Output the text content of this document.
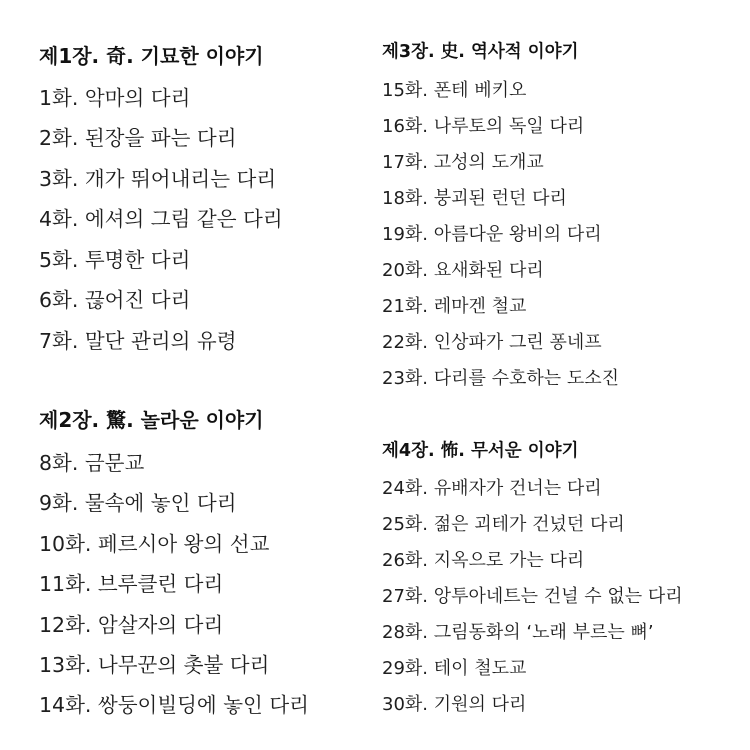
제1장. 奇. 기묘한 이야기
1화. 악마의 다리
2화. 된장을 파는 다리
3화. 개가 뛰어내리는 다리
4화. 에셔의 그림 같은 다리
5화. 투명한 다리
6화. 끊어진 다리
7화. 말단 관리의 유령
제2장. 驚. 놀라운 이야기
8화. 금문교
9화. 물속에 놓인 다리
10화. 페르시아 왕의 선교
11화. 브루클린 다리
12화. 암살자의 다리
13화. 나무꾼의 촛불 다리
14화. 쌍둥이빌딩에 놓인 다리
제3장. 史. 역사적 이야기
15화. 폰테 베키오
16화. 나루토의 독일 다리
17화. 고성의 도개교
18화. 붕괴된 런던 다리
19화. 아름다운 왕비의 다리
20화. 요새화된 다리
21화. 레마겐 철교
22화. 인상파가 그린 퐁네프
23화. 다리를 수호하는 도소진
제4장. 怖. 무서운 이야기
24화. 유배자가 건너는 다리
25화. 젊은 괴테가 건넜던 다리
26화. 지옥으로 가는 다리
27화. 앙투아네트는 건널 수 없는 다리
28화. 그림동화의 ‘노래 부르는 뼈’
29화. 테이 철도교
30화. 기원의 다리
